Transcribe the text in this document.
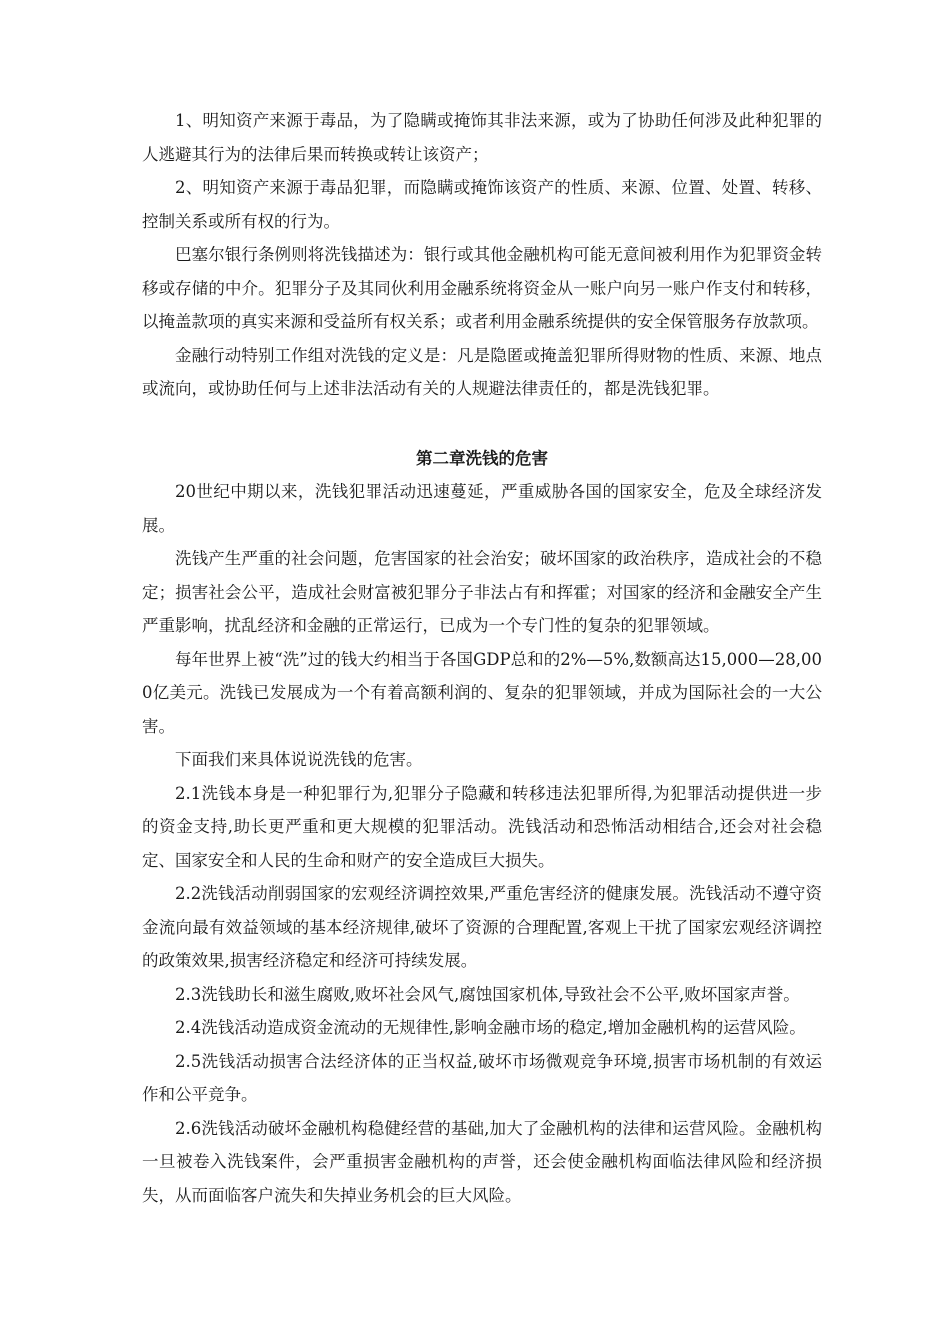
1、明知资产来源于毒品，为了隐瞒或掩饰其非法来源，或为了协助任何涉及此种犯罪的人逃避其行为的法律后果而转换或转让该资产；

2、明知资产来源于毒品犯罪，而隐瞒或掩饰该资产的性质、来源、位置、处置、转移、控制关系或所有权的行为。

巴塞尔银行条例则将洗钱描述为：银行或其他金融机构可能无意间被利用作为犯罪资金转移或存储的中介。犯罪分子及其同伙利用金融系统将资金从一账户向另一账户作支付和转移，以掩盖款项的真实来源和受益所有权关系；或者利用金融系统提供的安全保管服务存放款项。

金融行动特别工作组对洗钱的定义是：凡是隐匿或掩盖犯罪所得财物的性质、来源、地点或流向，或协助任何与上述非法活动有关的人规避法律责任的，都是洗钱犯罪。

第二章洗钱的危害

20世纪中期以来，洗钱犯罪活动迅速蔓延，严重威胁各国的国家安全，危及全球经济发展。

洗钱产生严重的社会问题，危害国家的社会治安；破坏国家的政治秩序，造成社会的不稳定；损害社会公平，造成社会财富被犯罪分子非法占有和挥霍；对国家的经济和金融安全产生严重影响，扰乱经济和金融的正常运行，已成为一个专门性的复杂的犯罪领域。

每年世界上被“洗”过的钱大约相当于各国GDP总和的2%—5%,数额高达15,000—28,000亿美元。洗钱已发展成为一个有着高额利润的、复杂的犯罪领域，并成为国际社会的一大公害。

下面我们来具体说说洗钱的危害。

2.1洗钱本身是一种犯罪行为,犯罪分子隐藏和转移违法犯罪所得,为犯罪活动提供进一步的资金支持,助长更严重和更大规模的犯罪活动。洗钱活动和恐怖活动相结合,还会对社会稳定、国家安全和人民的生命和财产的安全造成巨大损失。

2.2洗钱活动削弱国家的宏观经济调控效果,严重危害经济的健康发展。洗钱活动不遵守资金流向最有效益领域的基本经济规律,破坏了资源的合理配置,客观上干扰了国家宏观经济调控的政策效果,损害经济稳定和经济可持续发展。

2.3洗钱助长和滋生腐败,败坏社会风气,腐蚀国家机体,导致社会不公平,败坏国家声誉。

2.4洗钱活动造成资金流动的无规律性,影响金融市场的稳定,增加金融机构的运营风险。

2.5洗钱活动损害合法经济体的正当权益,破坏市场微观竞争环境,损害市场机制的有效运作和公平竞争。

2.6洗钱活动破坏金融机构稳健经营的基础,加大了金融机构的法律和运营风险。金融机构一旦被卷入洗钱案件，会严重损害金融机构的声誉，还会使金融机构面临法律风险和经济损失，从而面临客户流失和失掉业务机会的巨大风险。
